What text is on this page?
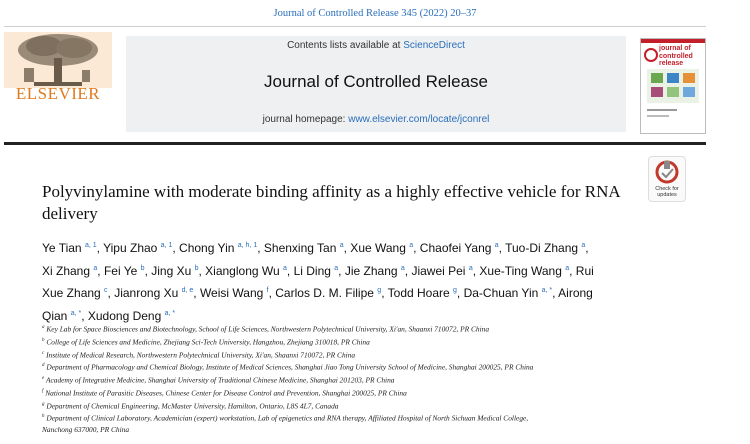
Journal of Controlled Release 345 (2022) 20–37
ELSEVIER
Contents lists available at ScienceDirect
Journal of Controlled Release
journal homepage: www.elsevier.com/locate/jconrel
journal of controlled release
Check for updates
Polyvinylamine with moderate binding affinity as a highly effective vehicle for RNA delivery
Ye Tian $^{a, 1}$, Yipu Zhao $^{a, 1}$, Chong Yin $^{a, h, 1}$, Shenxing Tan $^a$, Xue Wang $^a$, Chaofei Yang $^a$, Tuo-Di Zhang $^a$, Xi Zhang $^a$, Fei Ye $^b$, Jing Xu $^b$, Xianglong Wu $^a$, Li Ding $^a$, Jie Zhang $^a$, Jiawei Pei $^a$, Xue-Ting Wang $^a$, Rui Xue Zhang $^c$, Jianrong Xu $^{d, e}$, Weisi Wang $^f$, Carlos D. M. Filipe $^g$, Todd Hoare $^g$, Da-Chuan Yin $^{a, *}$, Airong Qian $^{a, *}$, Xudong Deng $^{a, *}$
$^a$ Key Lab for Space Biosciences and Biotechnology, School of Life Sciences, Northwestern Polytechnical University, Xi'an, Shaanxi 710072, PR China
$^b$ College of Life Sciences and Medicine, Zhejiang Sci-Tech University, Hangzhou, Zhejiang 310018, PR China
$^c$ Institute of Medical Research, Northwestern Polytechnical University, Xi'an, Shaanxi 710072, PR China
$^d$ Department of Pharmacology and Chemical Biology, Institute of Medical Sciences, Shanghai Jiao Tong University School of Medicine, Shanghai 200025, PR China
$^e$ Academy of Integrative Medicine, Shanghai University of Traditional Chinese Medicine, Shanghai 201203, PR China
$^f$ National Institute of Parasitic Diseases, Chinese Center for Disease Control and Prevention, Shanghai 200025, PR China
$^g$ Department of Chemical Engineering, McMaster University, Hamilton, Ontario, L8S 4L7, Canada
$^h$ Department of Clinical Laboratory, Academician (expert) workstation, Lab of epigenetics and RNA therapy, Affiliated Hospital of North Sichuan Medical College,
Nanchong 637000, PR China
